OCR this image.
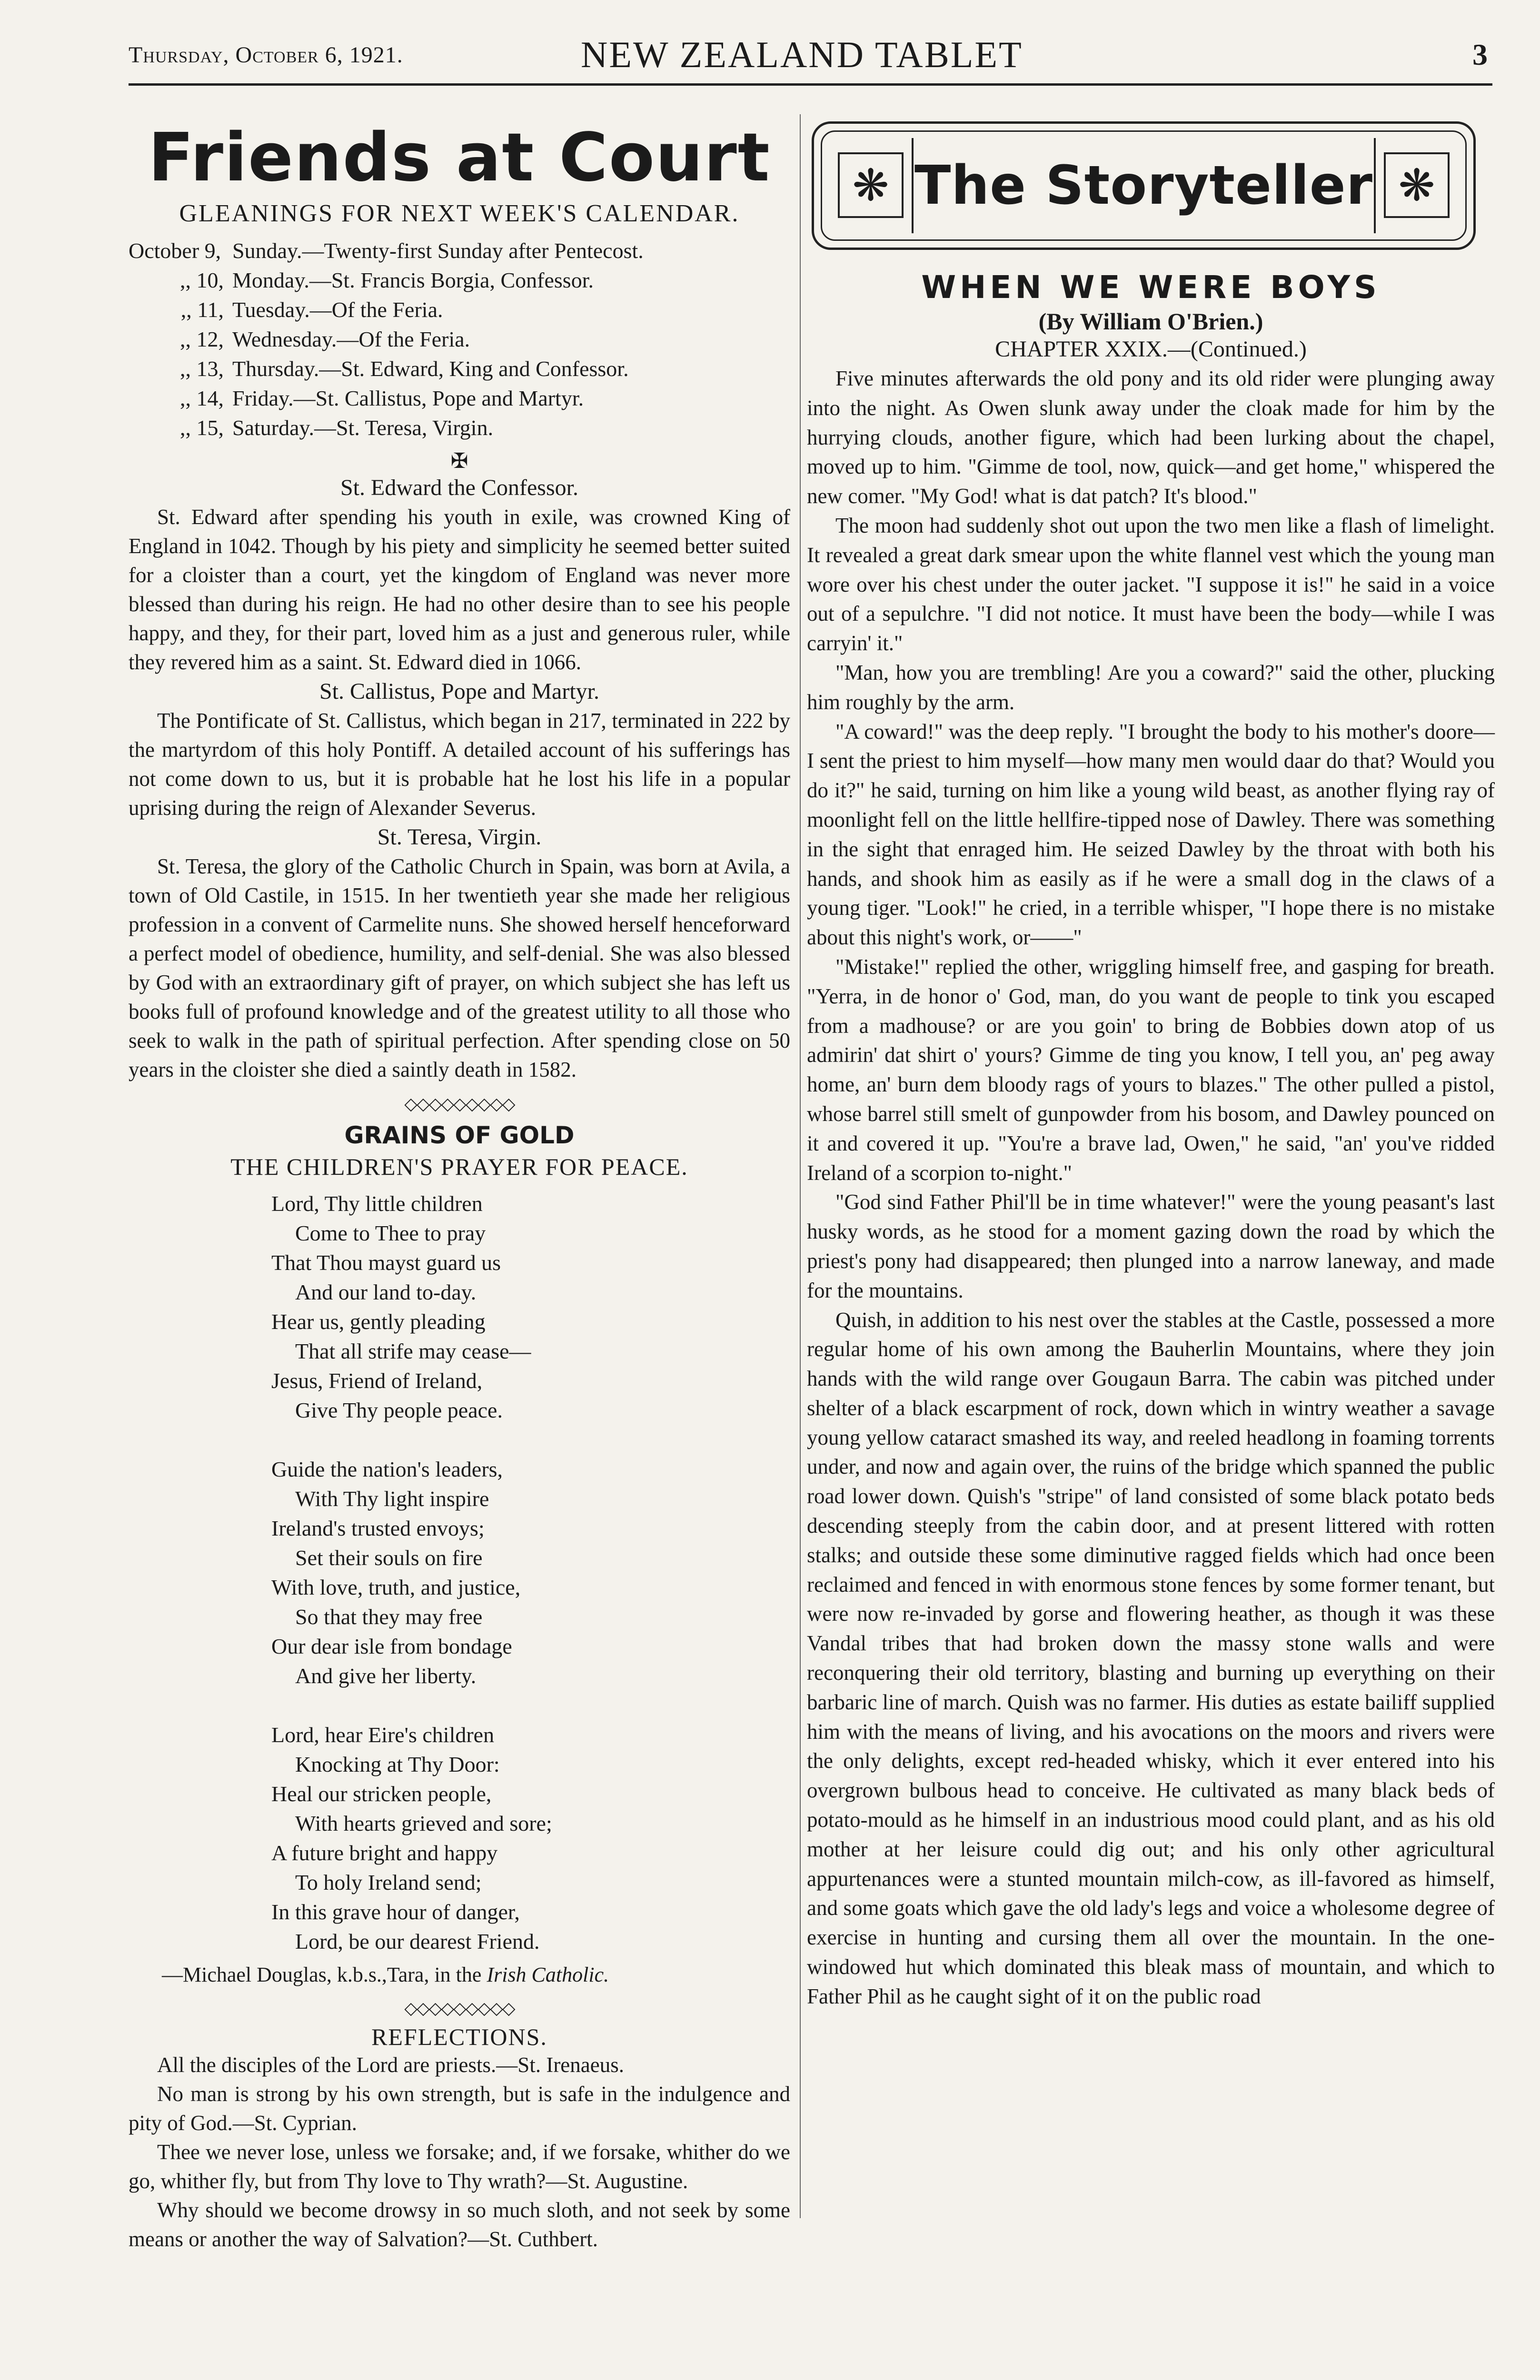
Thursday, October 6, 1921.	NEW ZEALAND TABLET	3
Friends at Court
GLEANINGS FOR NEXT WEEK'S CALENDAR.
October 9, Sunday.—Twenty-first Sunday after Pentecost.
,, 10, Monday.—St. Francis Borgia, Confessor.
,, 11, Tuesday.—Of the Feria.
,, 12, Wednesday.—Of the Feria.
,, 13, Thursday.—St. Edward, King and Confessor.
,, 14, Friday.—St. Callistus, Pope and Martyr.
,, 15, Saturday.—St. Teresa, Virgin.
✠
St. Edward the Confessor.

St. Edward after spending his youth in exile, was crowned King of England in 1042. Though by his piety and simplicity he seemed better suited for a cloister than a court, yet the kingdom of England was never more blessed than during his reign. He had no other desire than to see his people happy, and they, for their part, loved him as a just and generous ruler, while they revered him as a saint. St. Edward died in 1066.

St. Callistus, Pope and Martyr.

The Pontificate of St. Callistus, which began in 217, terminated in 222 by the martyrdom of this holy Pontiff. A detailed account of his sufferings has not come down to us, but it is probable hat he lost his life in a popular uprising during the reign of Alexander Severus.

St. Teresa, Virgin.

St. Teresa, the glory of the Catholic Church in Spain, was born at Avila, a town of Old Castile, in 1515. In her twentieth year she made her religious profession in a convent of Carmelite nuns. She showed herself henceforward a perfect model of obedience, humility, and self-denial. She was also blessed by God with an extraordinary gift of prayer, on which subject she has left us books full of profound knowledge and of the greatest utility to all those who seek to walk in the path of spiritual perfection. After spending close on 50 years in the cloister she died a saintly death in 1582.

◇◇◇◇◇◇◇◇◇
GRAINS OF GOLD
THE CHILDREN'S PRAYER FOR PEACE.
Lord, Thy little children
Come to Thee to pray
That Thou mayst guard us
And our land to-day.
Hear us, gently pleading
That all strife may cease—
Jesus, Friend of Ireland,
Give Thy people peace.
Guide the nation's leaders,
With Thy light inspire
Ireland's trusted envoys;
Set their souls on fire
With love, truth, and justice,
So that they may free
Our dear isle from bondage
And give her liberty.
Lord, hear Eire's children
Knocking at Thy Door:
Heal our stricken people,
With hearts grieved and sore;
A future bright and happy
To holy Ireland send;
In this grave hour of danger,
Lord, be our dearest Friend.
—Michael Douglas, k.b.s.,Tara, in the Irish Catholic.
◇◇◇◇◇◇◇◇◇
REFLECTIONS.

All the disciples of the Lord are priests.—St. Irenaeus.

No man is strong by his own strength, but is safe in the indulgence and pity of God.—St. Cyprian.

Thee we never lose, unless we forsake; and, if we forsake, whither do we go, whither fly, but from Thy love to Thy wrath?—St. Augustine.

Why should we become drowsy in so much sloth, and not seek by some means or another the way of Salvation?—St. Cuthbert.

❋ The Storyteller ❋
WHEN WE WERE BOYS
(By William O'Brien.)
CHAPTER XXIX.—(Continued.)

Five minutes afterwards the old pony and its old rider were plunging away into the night. As Owen slunk away under the cloak made for him by the hurrying clouds, another figure, which had been lurking about the chapel, moved up to him. "Gimme de tool, now, quick—and get home," whispered the new comer. "My God! what is dat patch? It's blood."

The moon had suddenly shot out upon the two men like a flash of limelight. It revealed a great dark smear upon the white flannel vest which the young man wore over his chest under the outer jacket. "I suppose it is!" he said in a voice out of a sepulchre. "I did not notice. It must have been the body—while I was carryin' it."

"Man, how you are trembling! Are you a coward?" said the other, plucking him roughly by the arm.

"A coward!" was the deep reply. "I brought the body to his mother's doore—I sent the priest to him myself—how many men would daar do that? Would you do it?" he said, turning on him like a young wild beast, as another flying ray of moonlight fell on the little hellfire-tipped nose of Dawley. There was something in the sight that enraged him. He seized Dawley by the throat with both his hands, and shook him as easily as if he were a small dog in the claws of a young tiger. "Look!" he cried, in a terrible whisper, "I hope there is no mistake about this night's work, or——"

"Mistake!" replied the other, wriggling himself free, and gasping for breath. "Yerra, in de honor o' God, man, do you want de people to tink you escaped from a madhouse? or are you goin' to bring de Bobbies down atop of us admirin' dat shirt o' yours? Gimme de ting you know, I tell you, an' peg away home, an' burn dem bloody rags of yours to blazes." The other pulled a pistol, whose barrel still smelt of gunpowder from his bosom, and Dawley pounced on it and covered it up. "You're a brave lad, Owen," he said, "an' you've ridded Ireland of a scorpion to-night."

"God sind Father Phil'll be in time whatever!" were the young peasant's last husky words, as he stood for a moment gazing down the road by which the priest's pony had disappeared; then plunged into a narrow laneway, and made for the mountains.

Quish, in addition to his nest over the stables at the Castle, possessed a more regular home of his own among the Bauherlin Mountains, where they join hands with the wild range over Gougaun Barra. The cabin was pitched under shelter of a black escarpment of rock, down which in wintry weather a savage young yellow cataract smashed its way, and reeled headlong in foaming torrents under, and now and again over, the ruins of the bridge which spanned the public road lower down. Quish's "stripe" of land consisted of some black potato beds descending steeply from the cabin door, and at present littered with rotten stalks; and outside these some diminutive ragged fields which had once been reclaimed and fenced in with enormous stone fences by some former tenant, but were now re-invaded by gorse and flowering heather, as though it was these Vandal tribes that had broken down the massy stone walls and were reconquering their old territory, blasting and burning up everything on their barbaric line of march. Quish was no farmer. His duties as estate bailiff supplied him with the means of living, and his avocations on the moors and rivers were the only delights, except red-headed whisky, which it ever entered into his overgrown bulbous head to conceive. He cultivated as many black beds of potato-mould as he himself in an industrious mood could plant, and as his old mother at her leisure could dig out; and his only other agricultural appurtenances were a stunted mountain milch-cow, as ill-favored as himself, and some goats which gave the old lady's legs and voice a wholesome degree of exercise in hunting and cursing them all over the mountain. In the one-windowed hut which dominated this bleak mass of mountain, and which to Father Phil as he caught sight of it on the public road
